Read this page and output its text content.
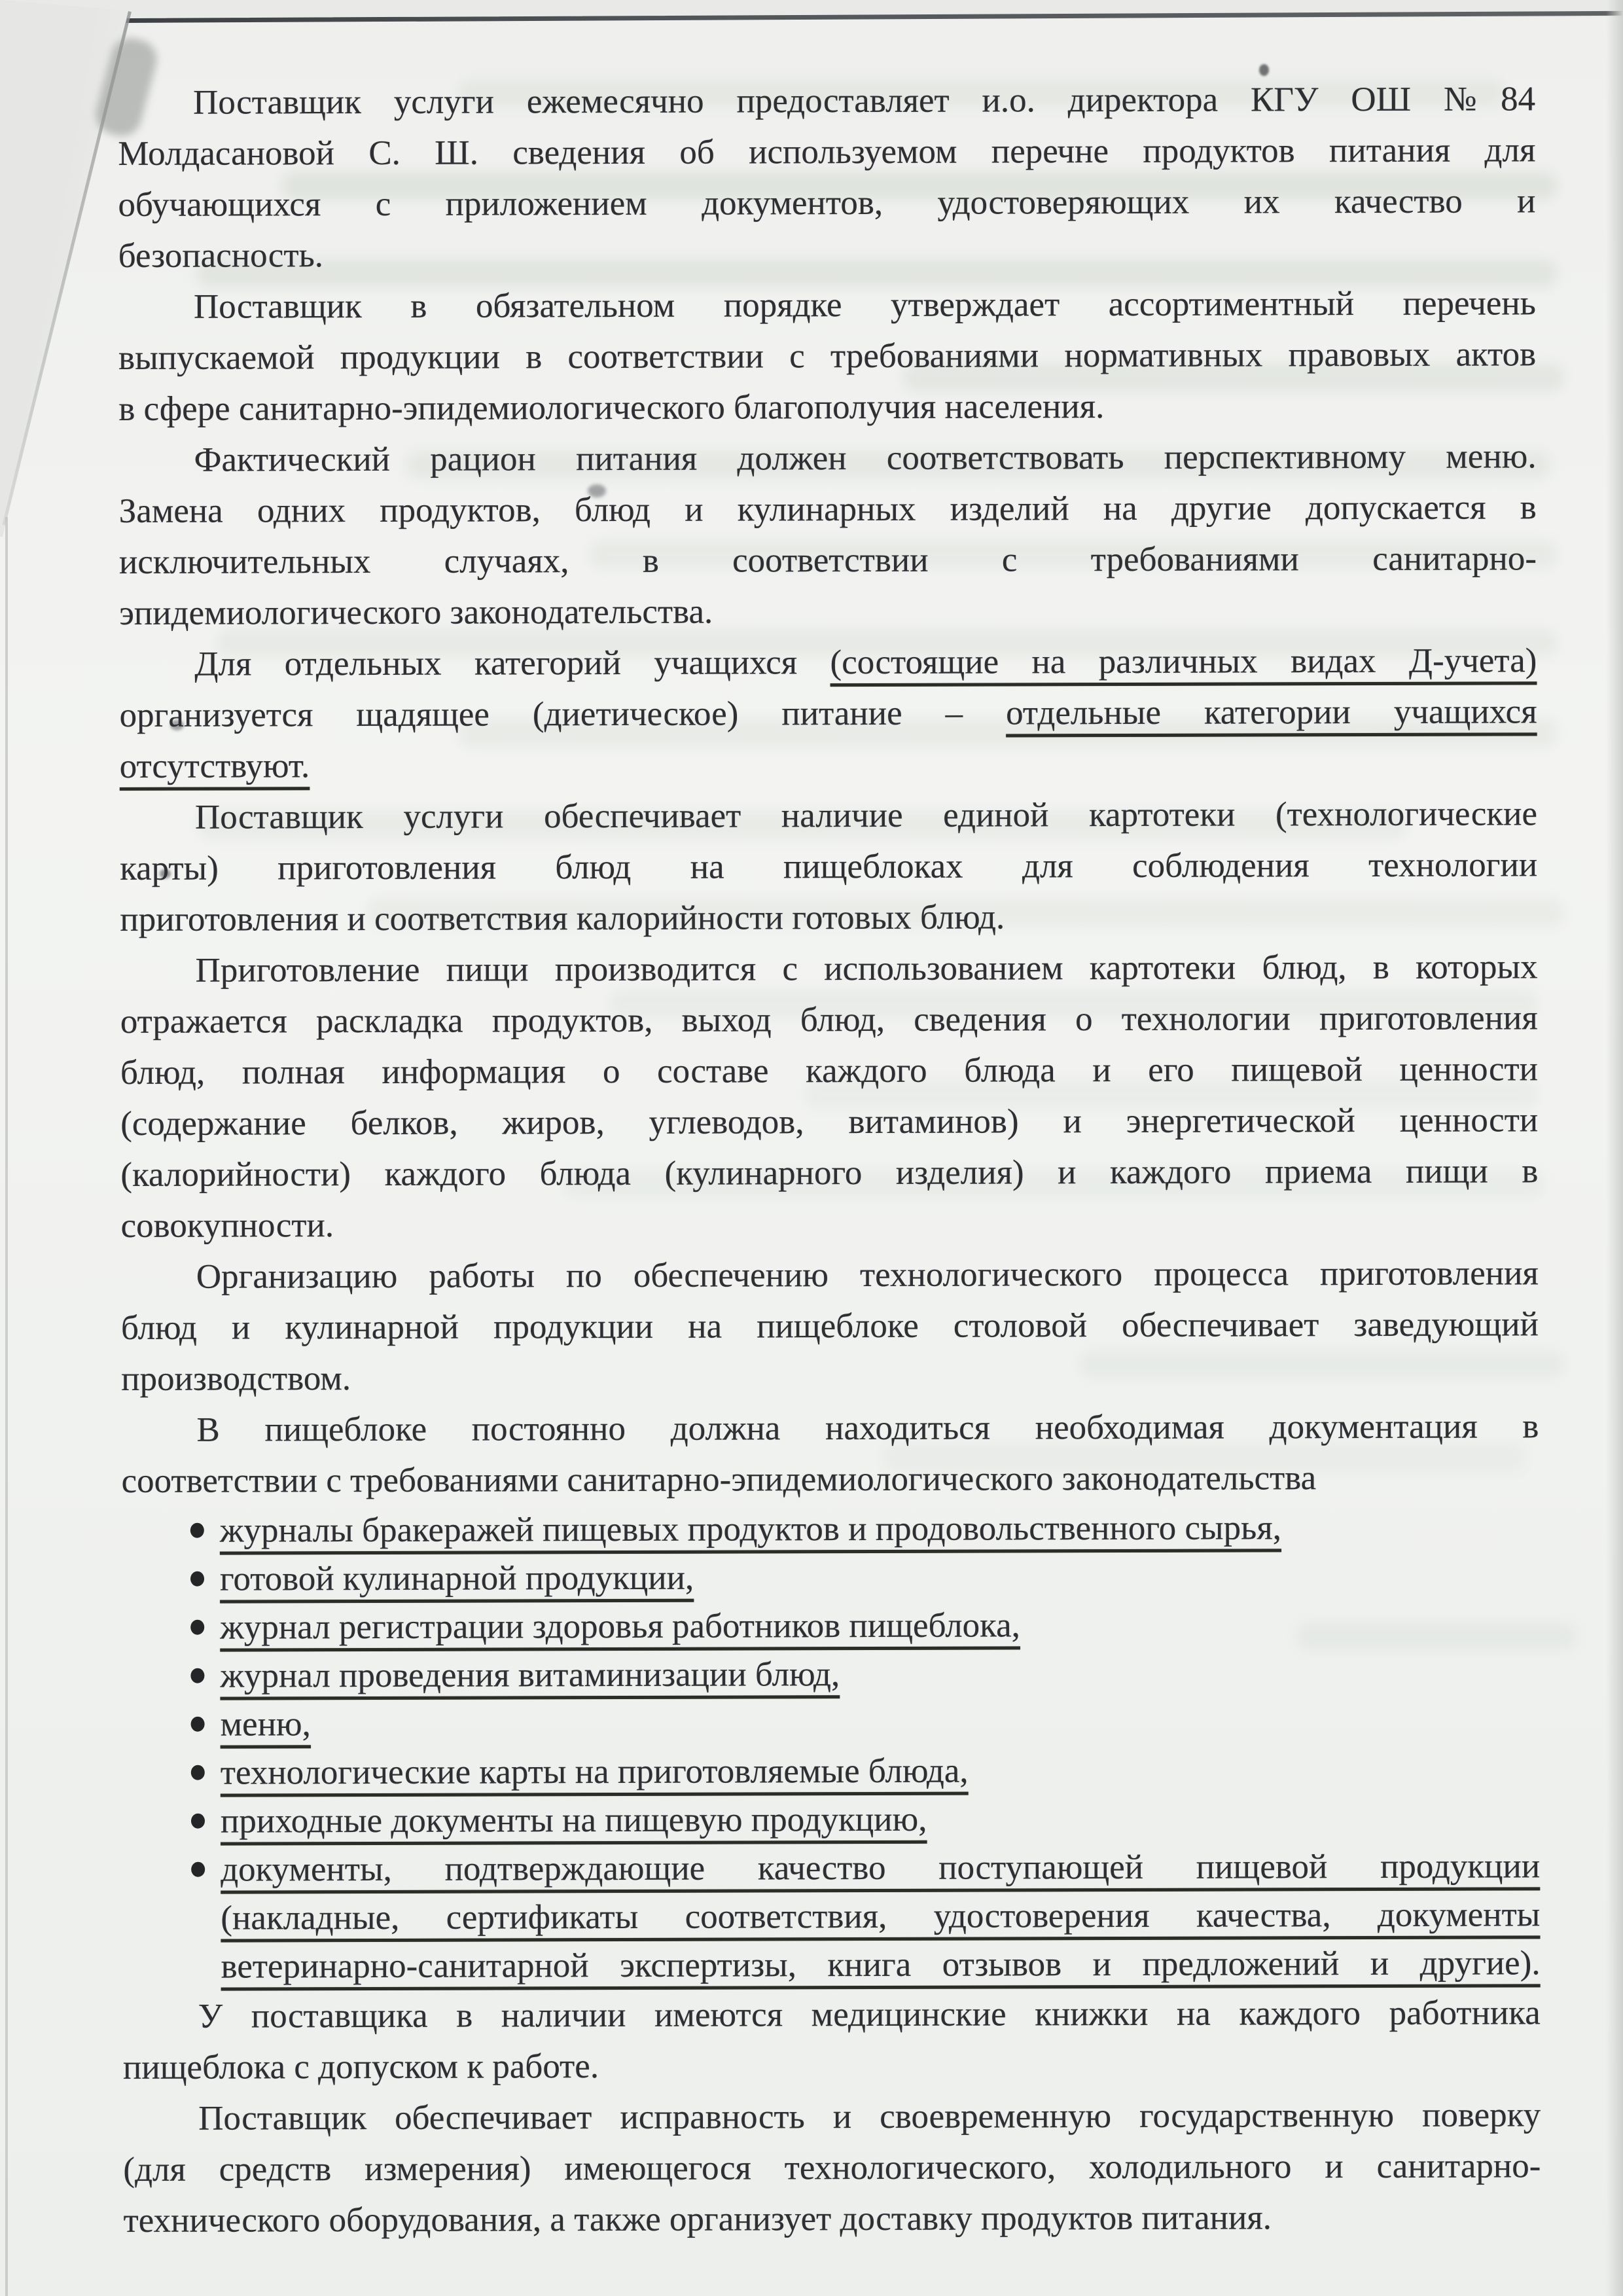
Поставщик услуги ежемесячно предоставляет и.о. директора КГУ ОШ №84
Молдасановой С. Ш. сведения об используемом перечне продуктов питания для
обучающихся с приложением документов, удостоверяющих их качество и
безопасность.
Поставщик в обязательном порядке утверждает ассортиментный перечень
выпускаемой продукции в соответствии с требованиями нормативных правовых актов
в сфере санитарно-эпидемиологического благополучия населения.
Фактический рацион питания должен соответствовать перспективному меню.
Замена одних продуктов, блюд и кулинарных изделий на другие допускается в
исключительных случаях, в соответствии с требованиями санитарно-
эпидемиологического законодательства.
Для отдельных категорий учащихся (состоящие на различных видах Д-учета)
организуется щадящее (диетическое) питание – отдельные категории учащихся
отсутствуют.
Поставщик услуги обеспечивает наличие единой картотеки (технологические
карты) приготовления блюд на пищеблоках для соблюдения технологии
приготовления и соответствия калорийности готовых блюд.
Приготовление пищи производится с использованием картотеки блюд, в которых
отражается раскладка продуктов, выход блюд, сведения о технологии приготовления
блюд, полная информация о составе каждого блюда и его пищевой ценности
(содержание белков, жиров, углеводов, витаминов) и энергетической ценности
(калорийности) каждого блюда (кулинарного изделия) и каждого приема пищи в
совокупности.
Организацию работы по обеспечению технологического процесса приготовления
блюд и кулинарной продукции на пищеблоке столовой обеспечивает заведующий
производством.
В пищеблоке постоянно должна находиться необходимая документация в
соответствии с требованиями санитарно-эпидемиологического законодательства
журналы бракеражей пищевых продуктов и продовольственного сырья,
готовой кулинарной продукции,
журнал регистрации здоровья работников пищеблока,
журнал проведения витаминизации блюд,
меню,
технологические карты на приготовляемые блюда,
приходные документы на пищевую продукцию,
документы, подтверждающие качество поступающей пищевой продукции
(накладные, сертификаты соответствия, удостоверения качества, документы
ветеринарно-санитарной экспертизы, книга отзывов и предложений и другие).
У поставщика в наличии имеются медицинские книжки на каждого работника
пищеблока с допуском к работе.
Поставщик обеспечивает исправность и своевременную государственную поверку
(для средств измерения) имеющегося технологического, холодильного и санитарно-
технического оборудования, а также организует доставку продуктов питания.
